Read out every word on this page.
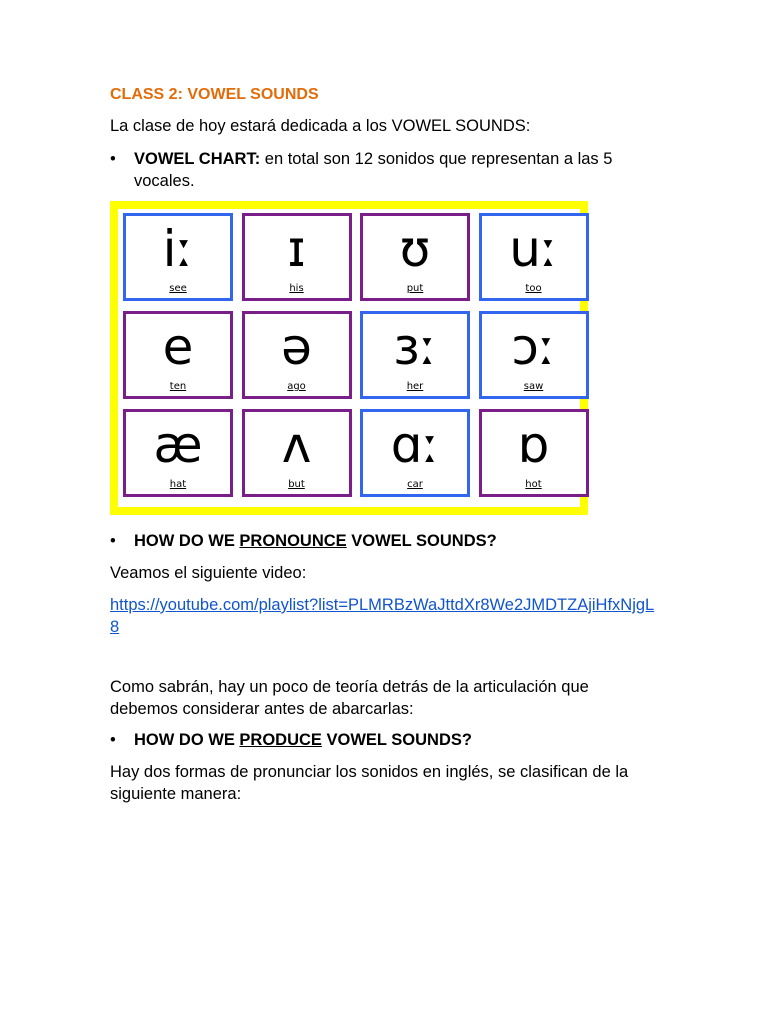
CLASS 2: VOWEL SOUNDS
La clase de hoy estará dedicada a los VOWEL SOUNDS:
• VOWEL CHART: en total son 12 sonidos que representan a las 5 vocales.
iː
see
ɪ
his
ʊ
put
uː
too
e
ten
ə
ago
ɜː
her
ɔː
saw
æ
hat
ʌ
but
ɑː
car
ɒ
hot
• HOW DO WE PRONOUNCE VOWEL SOUNDS?
Veamos el siguiente video:
https://youtube.com/playlist?list=PLMRBzWaJttdXr8We2JMDTZAjiHfxNjgL8
Como sabrán, hay un poco de teoría detrás de la articulación que debemos considerar antes de abarcarlas:
• HOW DO WE PRODUCE VOWEL SOUNDS?
Hay dos formas de pronunciar los sonidos en inglés, se clasifican de la siguiente manera:
